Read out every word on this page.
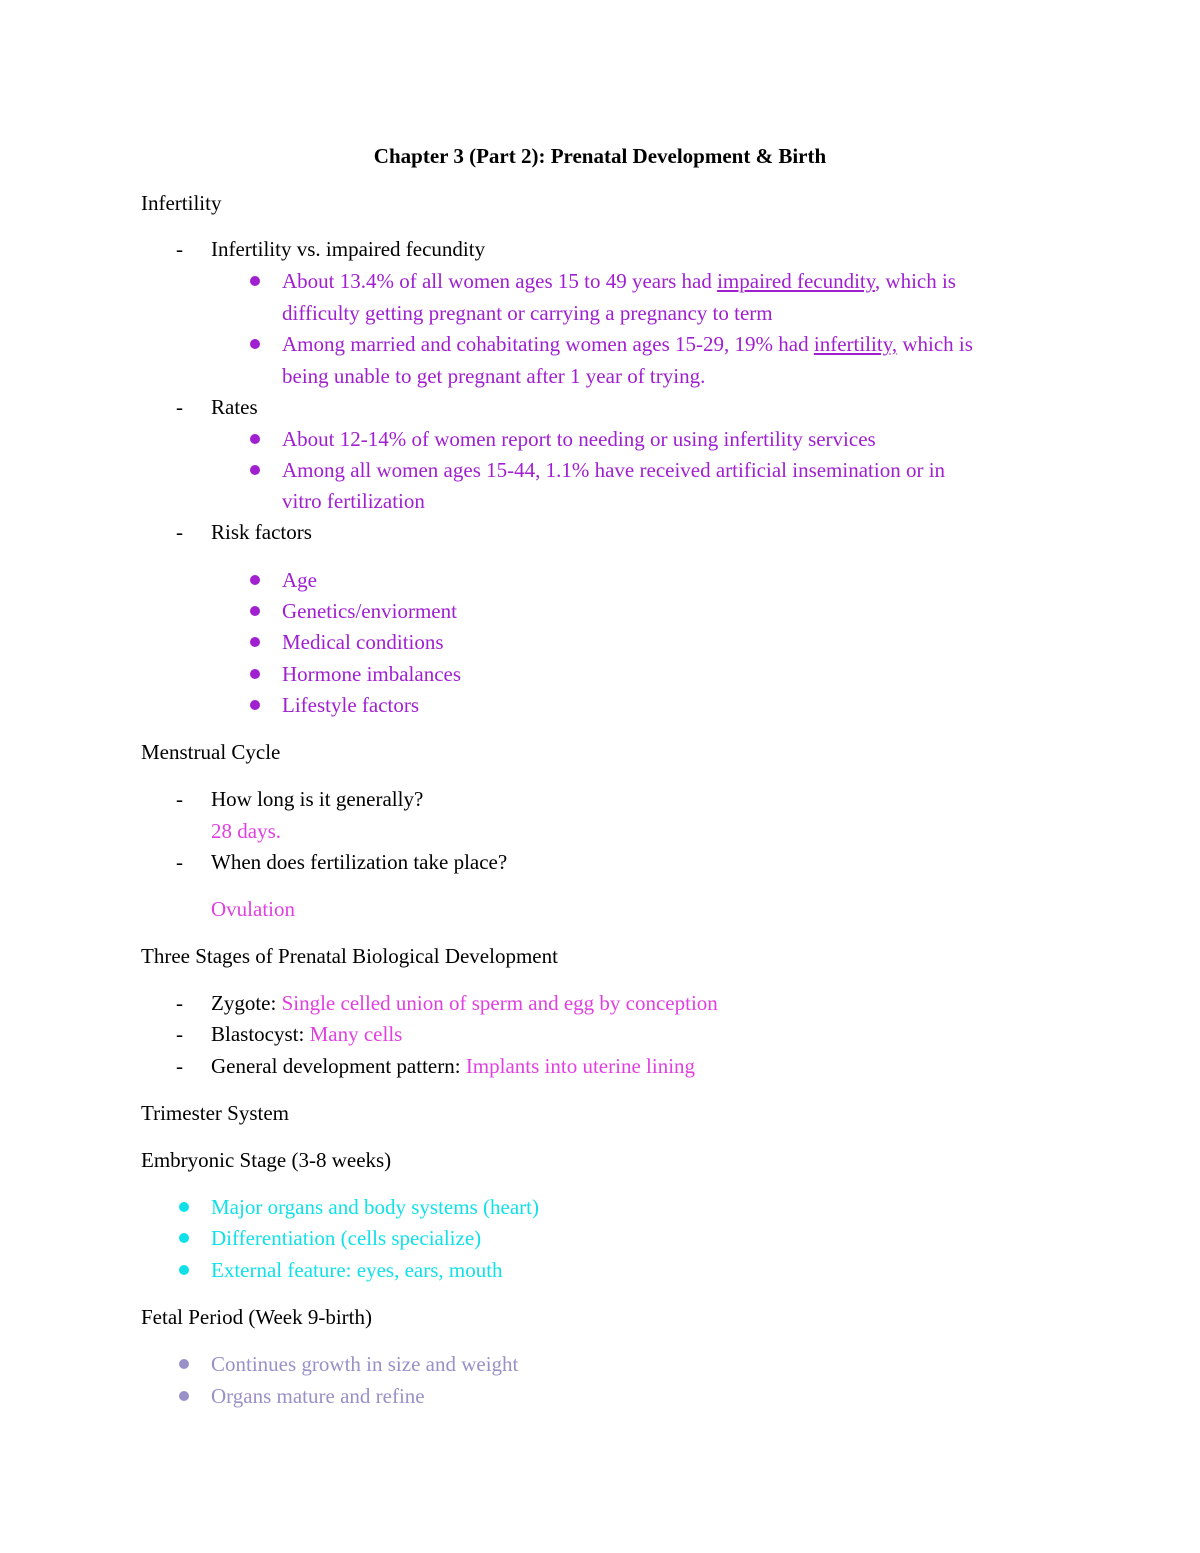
Chapter 3 (Part 2): Prenatal Development & Birth
Infertility
- Infertility vs. impaired fecundity
About 13.4% of all women ages 15 to 49 years had impaired fecundity, which is
difficulty getting pregnant or carrying a pregnancy to term
Among married and cohabitating women ages 15-29, 19% had infertility, which is
being unable to get pregnant after 1 year of trying.
- Rates
About 12-14% of women report to needing or using infertility services
Among all women ages 15-44, 1.1% have received artificial insemination or in
vitro fertilization
- Risk factors
Age
Genetics/enviorment
Medical conditions
Hormone imbalances
Lifestyle factors
Menstrual Cycle
- How long is it generally?
28 days.
- When does fertilization take place?
Ovulation
Three Stages of Prenatal Biological Development
- Zygote: Single celled union of sperm and egg by conception
- Blastocyst: Many cells
- General development pattern: Implants into uterine lining
Trimester System
Embryonic Stage (3-8 weeks)
Major organs and body systems (heart)
Differentiation (cells specialize)
External feature: eyes, ears, mouth
Fetal Period (Week 9-birth)
Continues growth in size and weight
Organs mature and refine
